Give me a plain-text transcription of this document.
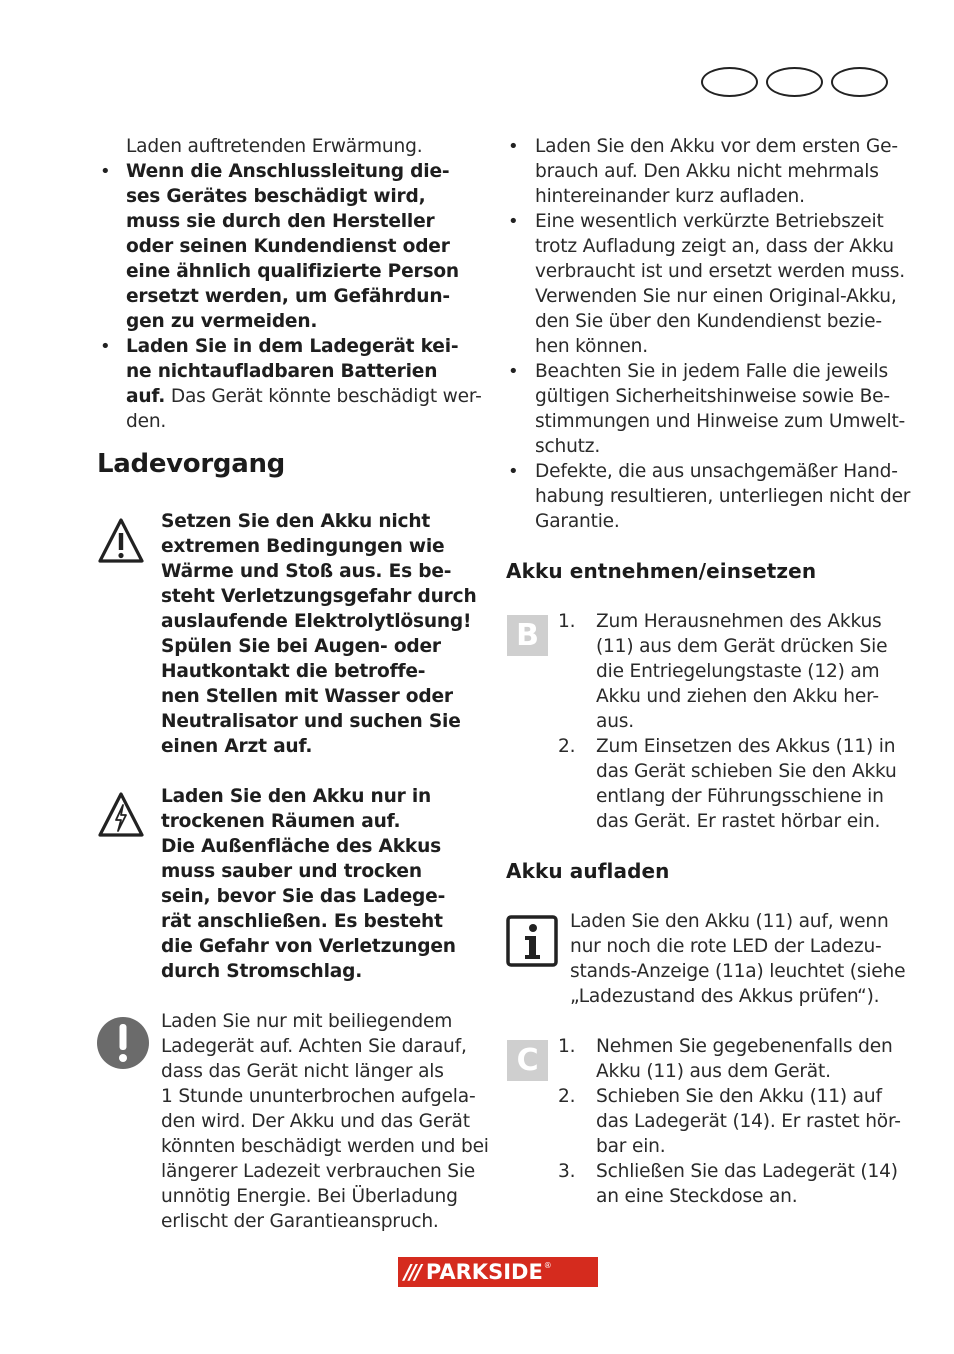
Laden auftretenden Erwärmung.
• Wenn die Anschlussleitung die-
ses Gerätes beschädigt wird,
muss sie durch den Hersteller
oder seinen Kundendienst oder
eine ähnlich qualifizierte Person
ersetzt werden, um Gefährdun-
gen zu vermeiden.
• Laden Sie in dem Ladegerät kei-
ne nichtaufladbaren Batterien
auf. Das Gerät könnte beschädigt wer-
den.
Ladevorgang
Setzen Sie den Akku nicht
extremen Bedingungen wie
Wärme und Stoß aus. Es be-
steht Verletzungsgefahr durch
auslaufende Elektrolytlösung!
Spülen Sie bei Augen- oder
Hautkontakt die betroffe-
nen Stellen mit Wasser oder
Neutralisator und suchen Sie
einen Arzt auf.
Laden Sie den Akku nur in
trockenen Räumen auf.
Die Außenfläche des Akkus
muss sauber und trocken
sein, bevor Sie das Ladege-
rät anschließen. Es besteht
die Gefahr von Verletzungen
durch Stromschlag.
Laden Sie nur mit beiliegendem
Ladegerät auf. Achten Sie darauf,
dass das Gerät nicht länger als
1 Stunde ununterbrochen aufgela-
den wird. Der Akku und das Gerät
könnten beschädigt werden und bei
längerer Ladezeit verbrauchen Sie
unnötig Energie. Bei Überladung
erlischt der Garantieanspruch.
• Laden Sie den Akku vor dem ersten Ge-
brauch auf. Den Akku nicht mehrmals
hintereinander kurz aufladen.
• Eine wesentlich verkürzte Betriebszeit
trotz Aufladung zeigt an, dass der Akku
verbraucht ist und ersetzt werden muss.
Verwenden Sie nur einen Original-Akku,
den Sie über den Kundendienst bezie-
hen können.
• Beachten Sie in jedem Falle die jeweils
gültigen Sicherheitshinweise sowie Be-
stimmungen und Hinweise zum Umwelt-
schutz.
• Defekte, die aus unsachgemäßer Hand-
habung resultieren, unterliegen nicht der
Garantie.
Akku entnehmen/einsetzen
B	1. Zum Herausnehmen des Akkus
(11) aus dem Gerät drücken Sie
die Entriegelungstaste (12) am
Akku und ziehen den Akku her-
aus.
2. Zum Einsetzen des Akkus (11) in
das Gerät schieben Sie den Akku
entlang der Führungsschiene in
das Gerät. Er rastet hörbar ein.
Akku aufladen
Laden Sie den Akku (11) auf, wenn
nur noch die rote LED der Ladezu-
stands-Anzeige (11a) leuchtet (siehe
„Ladezustand des Akkus prüfen“).
C	1. Nehmen Sie gegebenenfalls den
Akku (11) aus dem Gerät.
2. Schieben Sie den Akku (11) auf
das Ladegerät (14). Er rastet hör-
bar ein.
3. Schließen Sie das Ladegerät (14)
an eine Steckdose an.
/// PARKSIDE ®
